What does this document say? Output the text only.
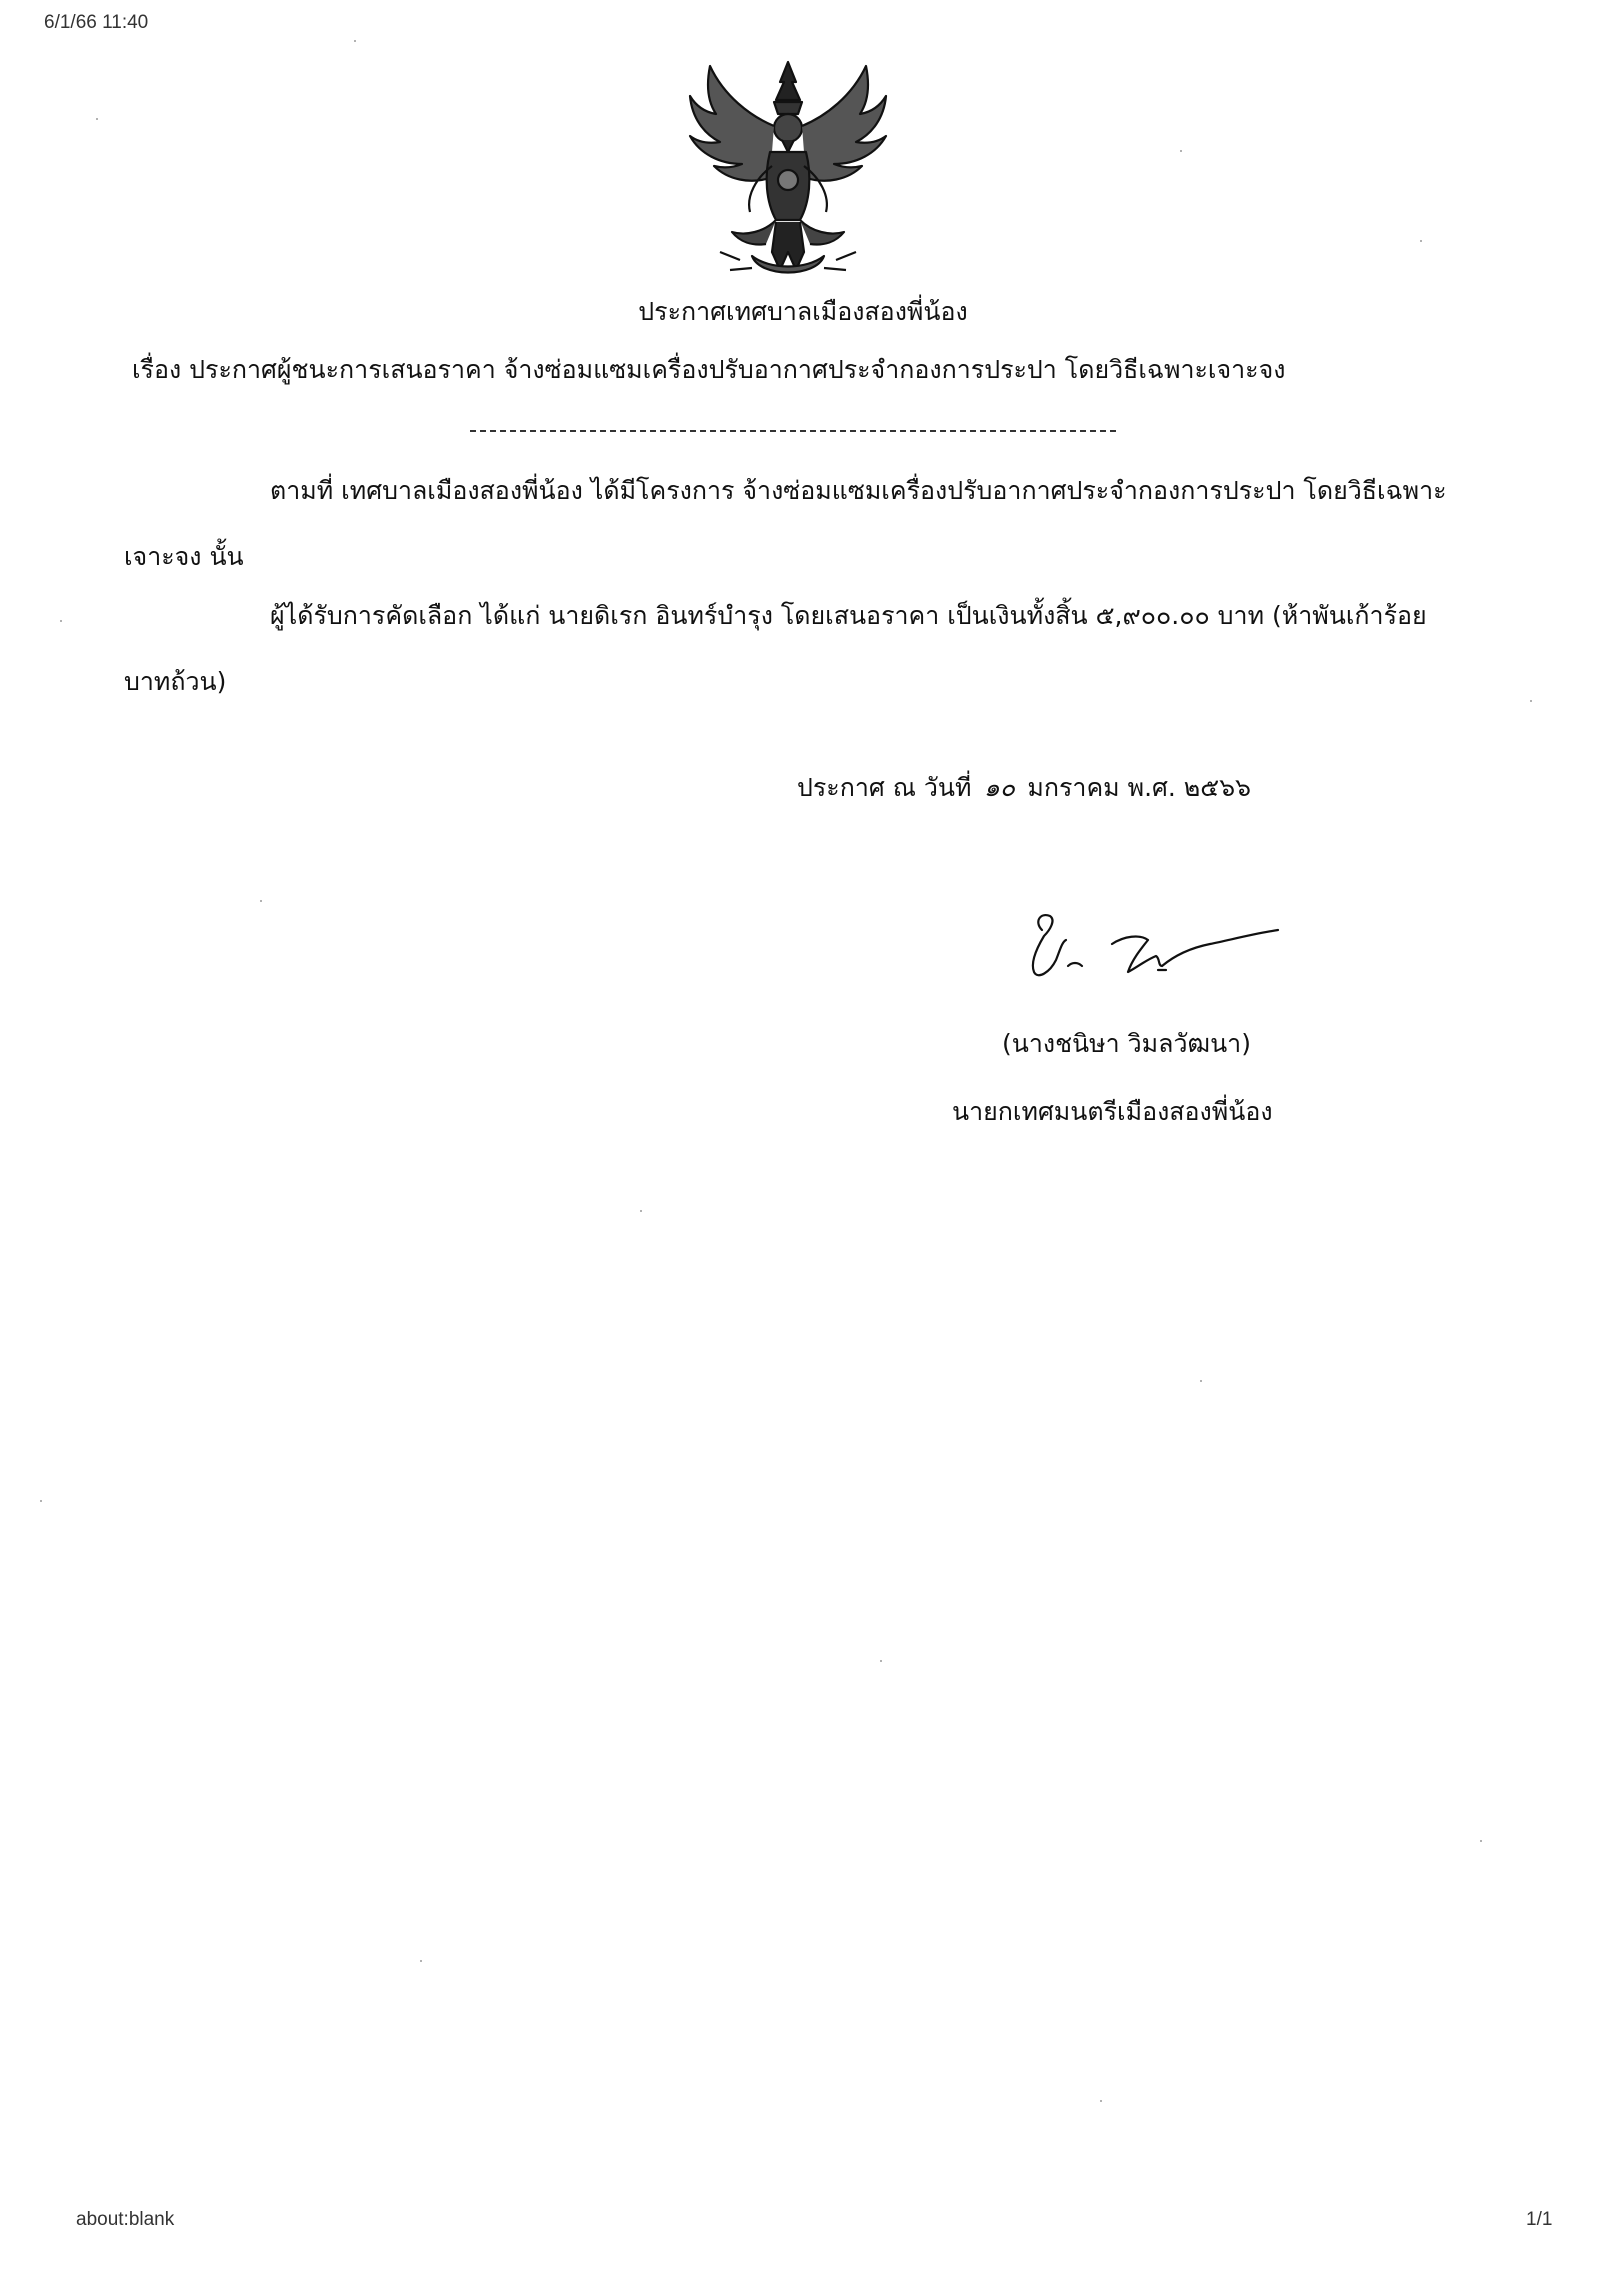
6/1/66 11:40
ประกาศเทศบาลเมืองสองพี่น้อง
เรื่อง ประกาศผู้ชนะการเสนอราคา จ้างซ่อมแซมเครื่องปรับอากาศประจำกองการประปา โดยวิธีเฉพาะเจาะจง
ตามที่ เทศบาลเมืองสองพี่น้อง ได้มีโครงการ จ้างซ่อมแซมเครื่องปรับอากาศประจำกองการประปา โดยวิธีเฉพาะเจาะจง นั้น
ผู้ได้รับการคัดเลือก ได้แก่ นายดิเรก อินทร์บำรุง โดยเสนอราคา เป็นเงินทั้งสิ้น ๕,๙๐๐.๐๐ บาท (ห้าพันเก้าร้อยบาทถ้วน)
ประกาศ ณ วันที่ ๑๐ มกราคม พ.ศ. ๒๕๖๖
(นางชนิษา วิมลวัฒนา)
นายกเทศมนตรีเมืองสองพี่น้อง
about:blank	1/1
